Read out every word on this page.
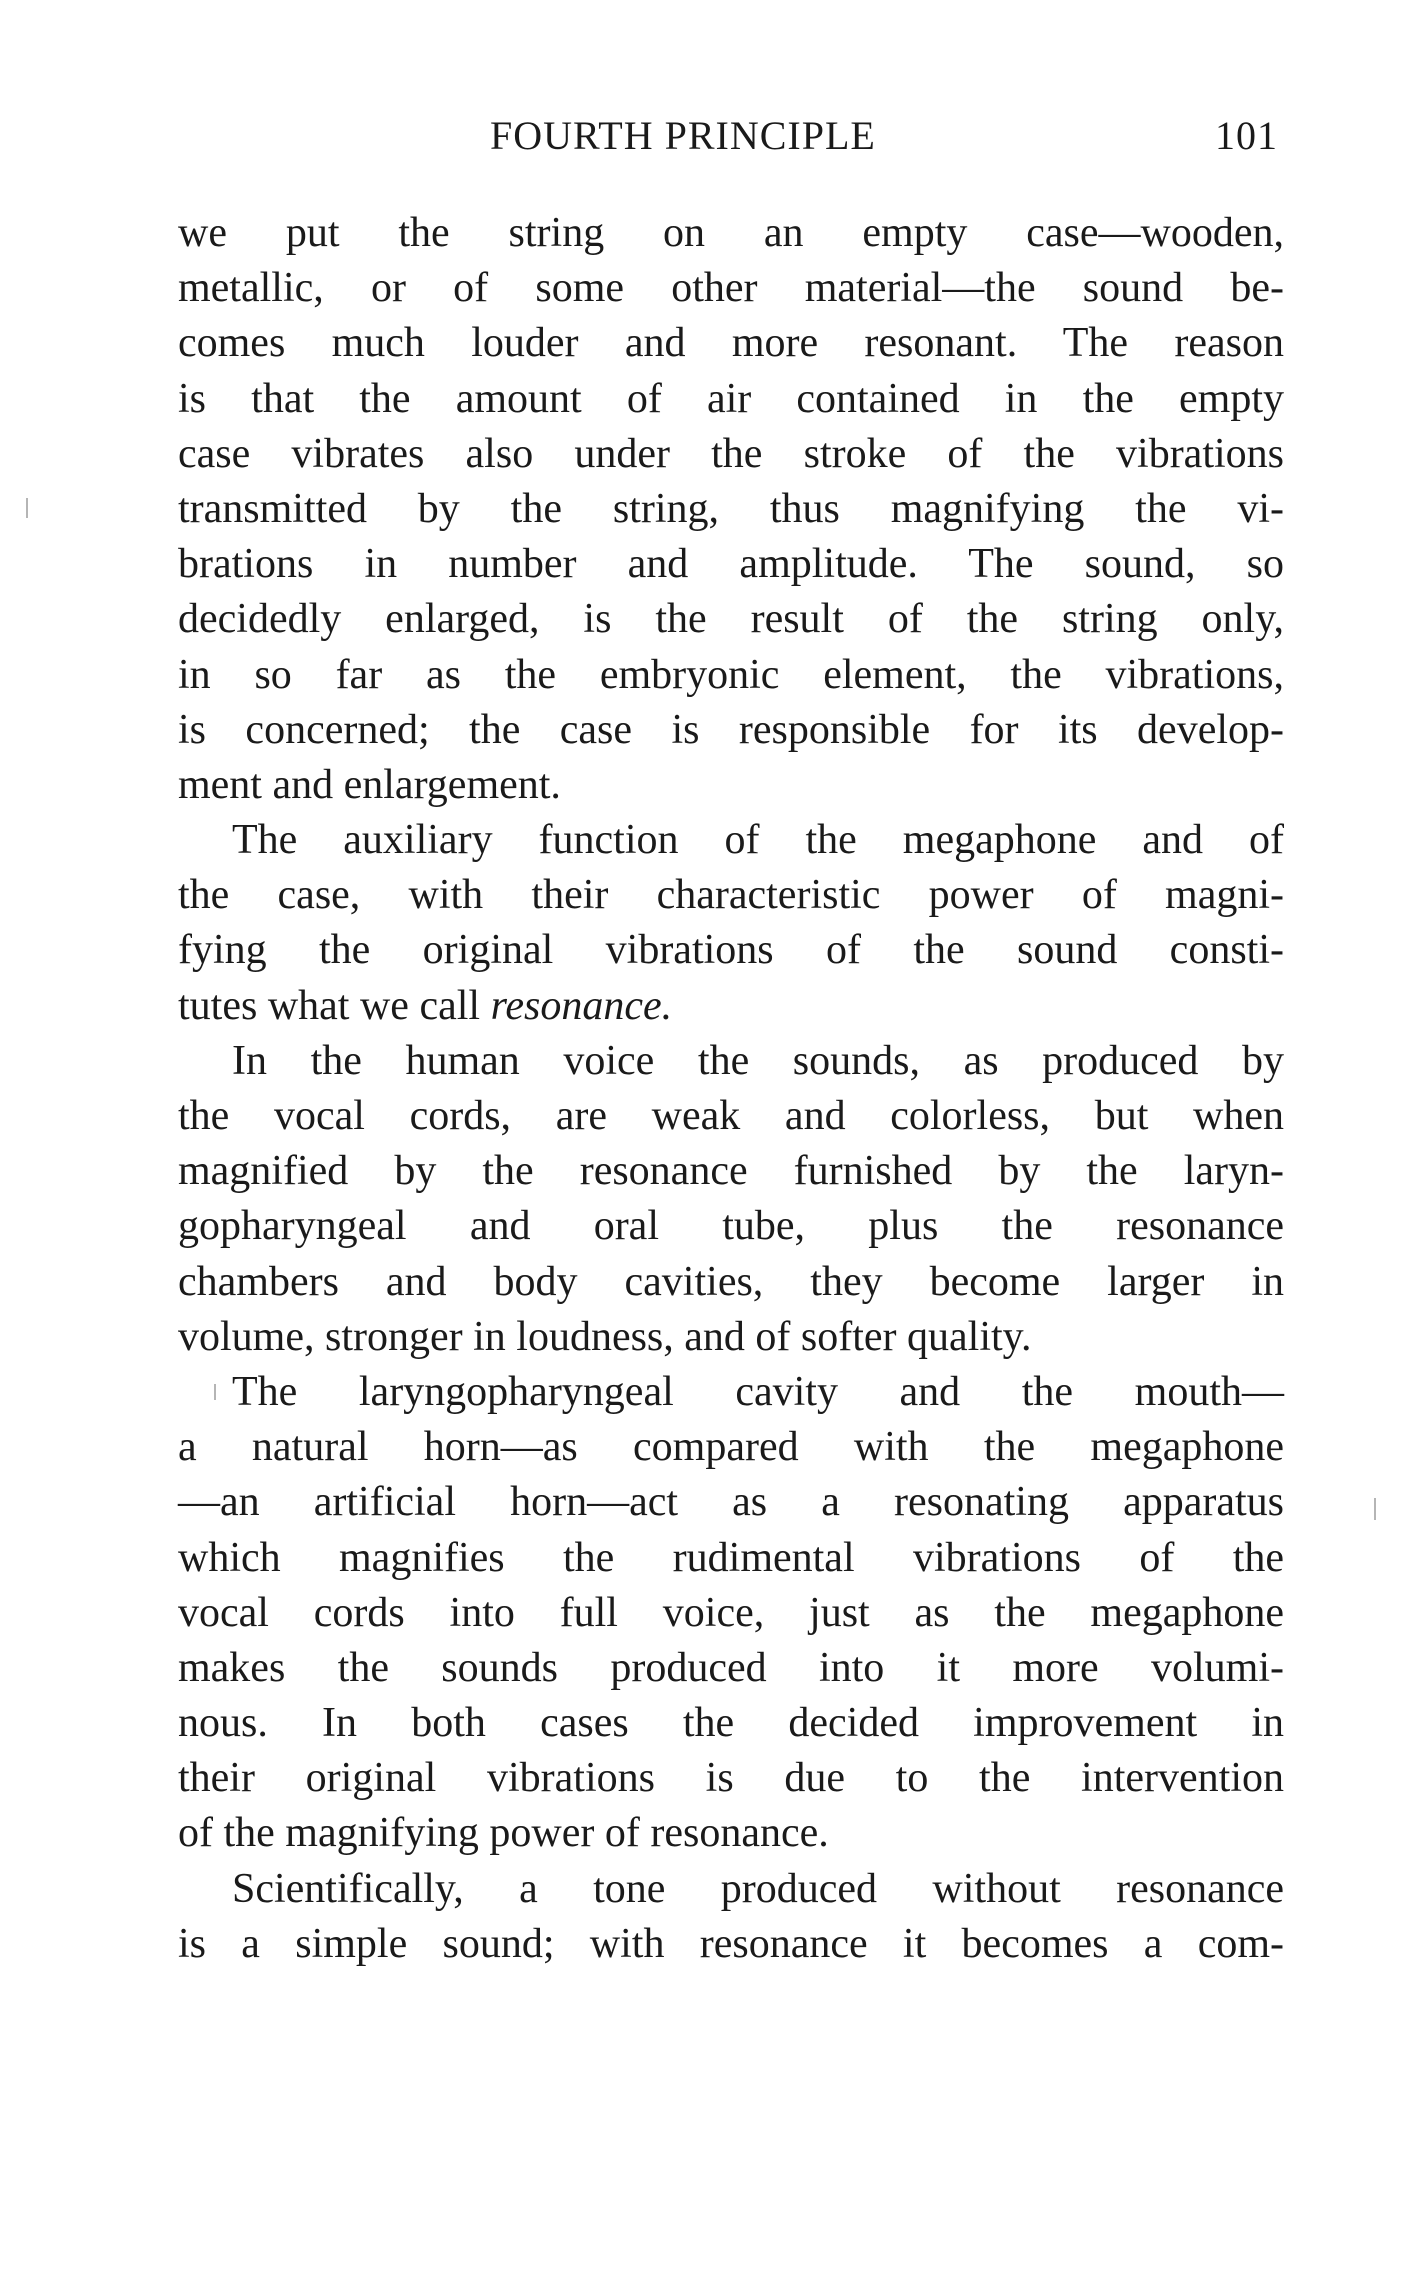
FOURTH PRINCIPLE	101
we put the string on an empty case—wooden,
metallic, or of some other material—the sound be-
comes much louder and more resonant. The reason
is that the amount of air contained in the empty
case vibrates also under the stroke of the vibrations
transmitted by the string, thus magnifying the vi-
brations in number and amplitude. The sound, so
decidedly enlarged, is the result of the string only,
in so far as the embryonic element, the vibrations,
is concerned; the case is responsible for its develop-
ment and enlargement.
The auxiliary function of the megaphone and of
the case, with their characteristic power of magni-
fying the original vibrations of the sound consti-
tutes what we call resonance.
In the human voice the sounds, as produced by
the vocal cords, are weak and colorless, but when
magnified by the resonance furnished by the laryn-
gopharyngeal and oral tube, plus the resonance
chambers and body cavities, they become larger in
volume, stronger in loudness, and of softer quality.
The laryngopharyngeal cavity and the mouth—
a natural horn—as compared with the megaphone
—an artificial horn—act as a resonating apparatus
which magnifies the rudimental vibrations of the
vocal cords into full voice, just as the megaphone
makes the sounds produced into it more volumi-
nous. In both cases the decided improvement in
their original vibrations is due to the intervention
of the magnifying power of resonance.
Scientifically, a tone produced without resonance
is a simple sound; with resonance it becomes a com-
